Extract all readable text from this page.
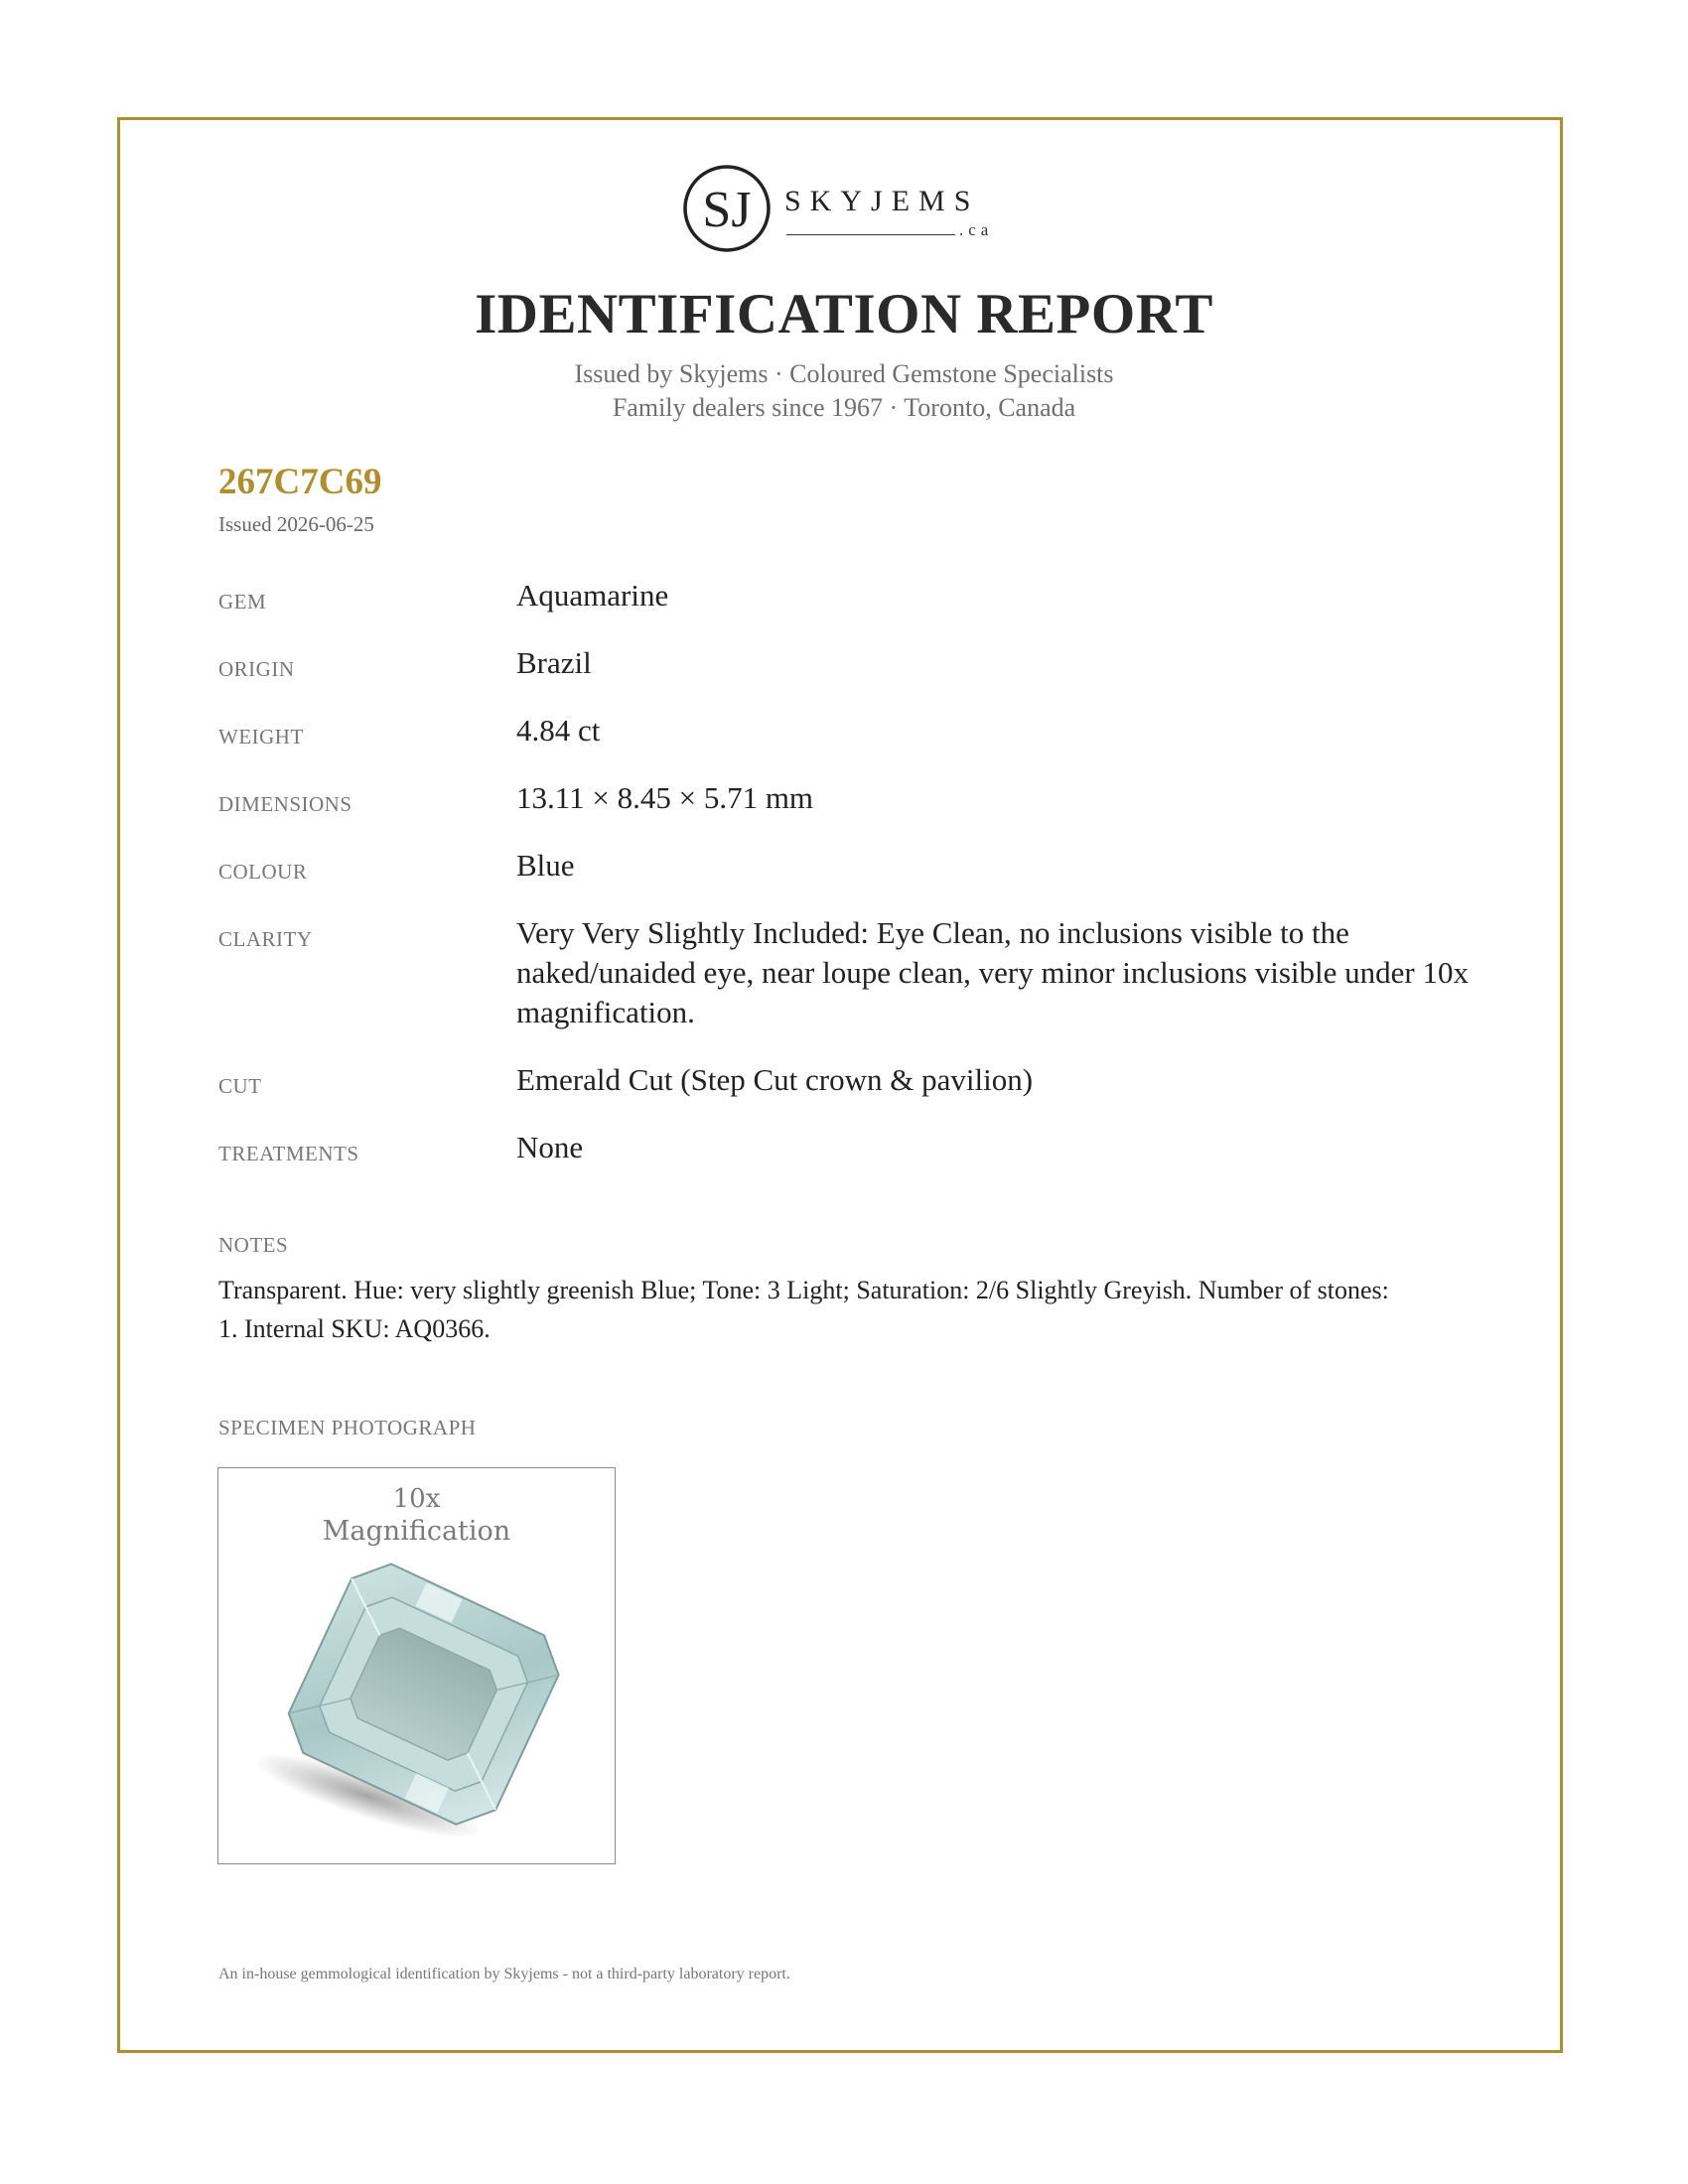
SJ SKYJEMS
.ca
IDENTIFICATION REPORT
Issued by Skyjems · Coloured Gemstone Specialists
Family dealers since 1967 · Toronto, Canada
267C7C69
Issued 2026-06-25
GEM	Aquamarine
ORIGIN	Brazil
WEIGHT	4.84 ct
DIMENSIONS	13.11 × 8.45 × 5.71 mm
COLOUR	Blue
CLARITY	Very Very Slightly Included: Eye Clean, no inclusions visible to the naked/unaided eye, near loupe clean, very minor inclusions visible under 10x magnification.
CUT	Emerald Cut (Step Cut crown & pavilion)
TREATMENTS	None
NOTES
Transparent. Hue: very slightly greenish Blue; Tone: 3 Light; Saturation: 2/6 Slightly Greyish. Number of stones: 1. Internal SKU: AQ0366.
SPECIMEN PHOTOGRAPH
10x
Magnification
An in-house gemmological identification by Skyjems - not a third-party laboratory report.
